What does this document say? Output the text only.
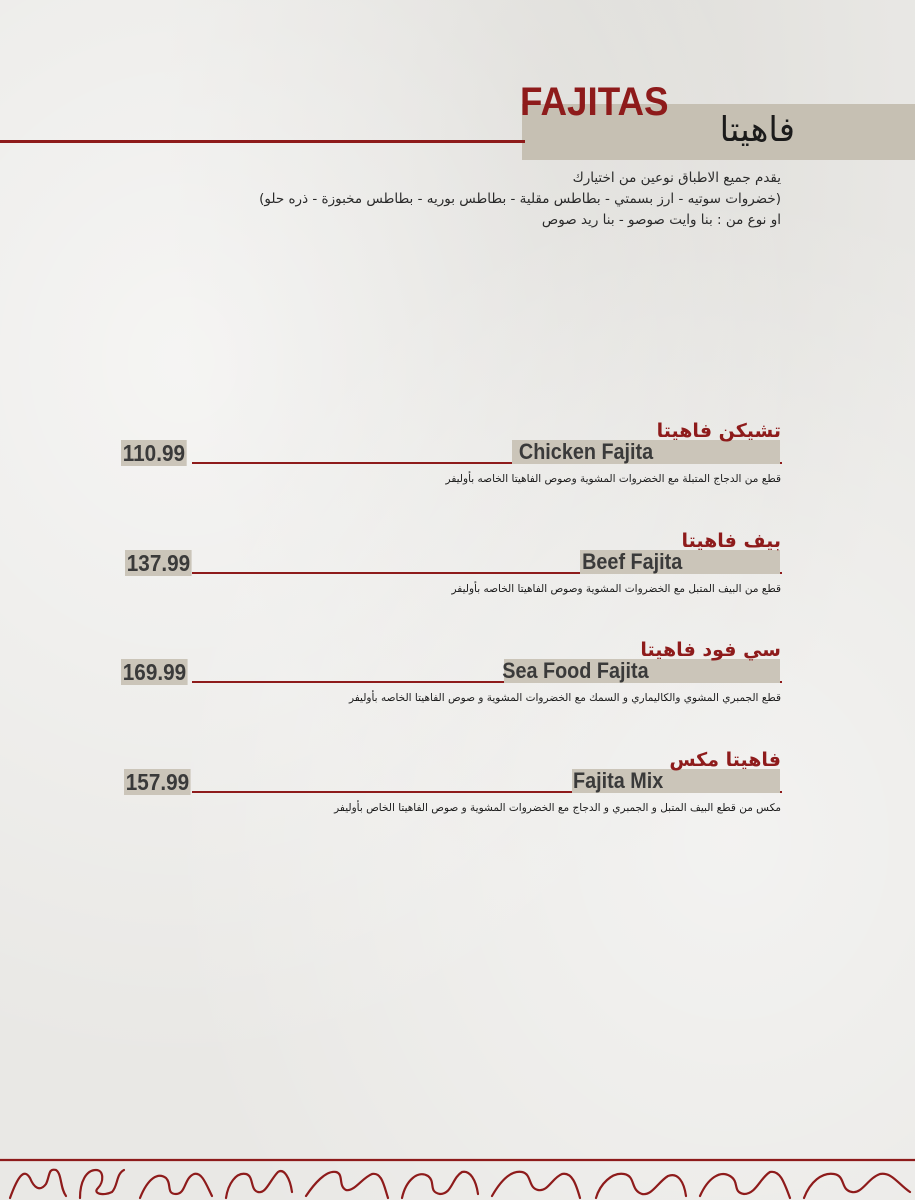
FAJITAS
فاهيتا
يقدم جميع الاطباق نوعين من اختيارك
(خضروات سوتيه - ارز بسمتي - بطاطس مقلية - بطاطس بوريه - بطاطس مخبوزة - ذره حلو)
او نوع من : بنا وايت صوصو - بنا ريد صوص
110.99	Chicken Fajita
تشيكن فاهيتا
قطع من الدجاج المتبلة مع الخضروات المشوية وصوص الفاهيتا الخاصه بأوليفر
137.99	Beef Fajita
بيف فاهيتا
قطع من البيف المتبل مع الخضروات المشوية وصوص الفاهيتا الخاصه بأوليفر
169.99	Sea Food Fajita
سي فود فاهيتا
قطع الجمبري المشوي والكاليماري و السمك مع الخضروات المشوية و صوص الفاهيتا الخاصه بأوليفر
157.99	Fajita Mix
فاهيتا مكس
مكس من قطع البيف المتبل و الجمبري و الدجاج مع الخضروات المشوية و صوص الفاهيتا الخاص بأوليفر
